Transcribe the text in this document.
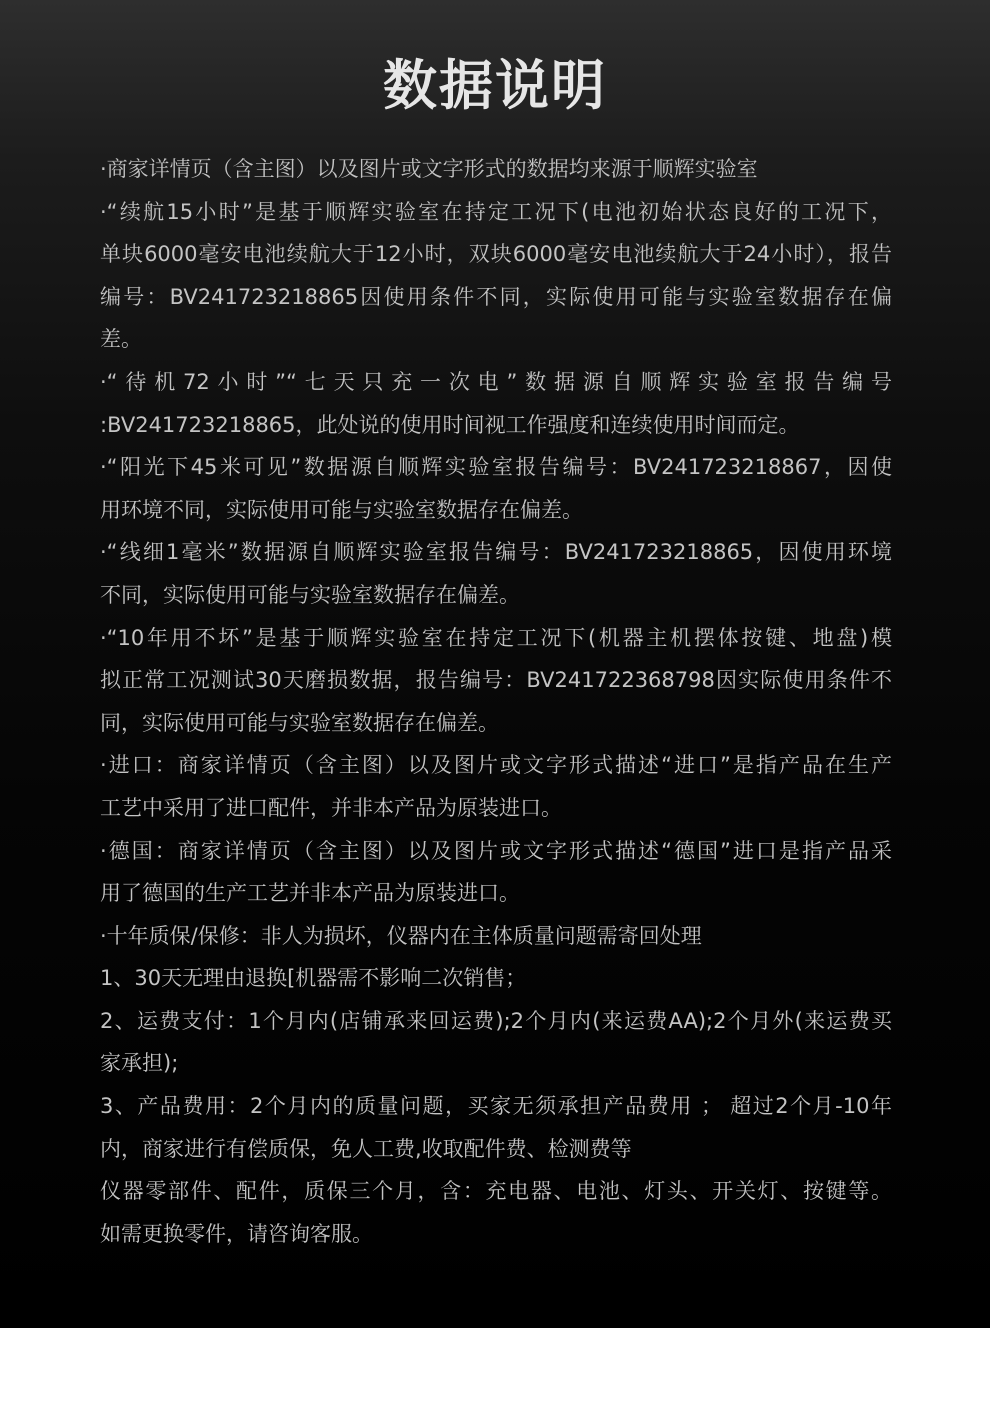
数据说明

·商家详情页（含主图）以及图片或文字形式的数据均来源于顺辉实验室

·“续航15小时”是基于顺辉实验室在持定工况下(电池初始状态良好的工况下，

单块6000毫安电池续航大于12小时，双块6000毫安电池续航大于24小时），报告

编号：BV241723218865因使用条件不同，实际使用可能与实验室数据存在偏

差。

·“待机72小时”“七天只充一次电”数据源自顺辉实验室报告编号

:BV241723218865，此处说的使用时间视工作强度和连续使用时间而定。

·“阳光下45米可见”数据源自顺辉实验室报告编号：BV241723218867，因使

用环境不同，实际使用可能与实验室数据存在偏差。

·“线细1毫米”数据源自顺辉实验室报告编号：BV241723218865，因使用环境

不同，实际使用可能与实验室数据存在偏差。

·“10年用不坏”是基于顺辉实验室在持定工况下(机器主机摆体按键、地盘)模

拟正常工况测试30天磨损数据，报告编号：BV241722368798因实际使用条件不

同，实际使用可能与实验室数据存在偏差。

·进口：商家详情页（含主图）以及图片或文字形式描述“进口”是指产品在生产

工艺中采用了进口配件，并非本产品为原装进口。

·德国：商家详情页（含主图）以及图片或文字形式描述“德国”进口是指产品采

用了德国的生产工艺并非本产品为原装进口。

·十年质保/保修：非人为损坏，仪器内在主体质量问题需寄回处理

1、30天无理由退换[机器需不影响二次销售；

2、运费支付：1个月内(店铺承来回运费);2个月内(来运费AA);2个月外(来运费买

家承担);

3、产品费用：2个月内的质量问题，买家无须承担产品费用 ； 超过2个月-10年

内，商家进行有偿质保，免人工费,收取配件费、检测费等

仪器零部件、配件，质保三个月，含：充电器、电池、灯头、开关灯、按键等。

如需更换零件，请咨询客服。
